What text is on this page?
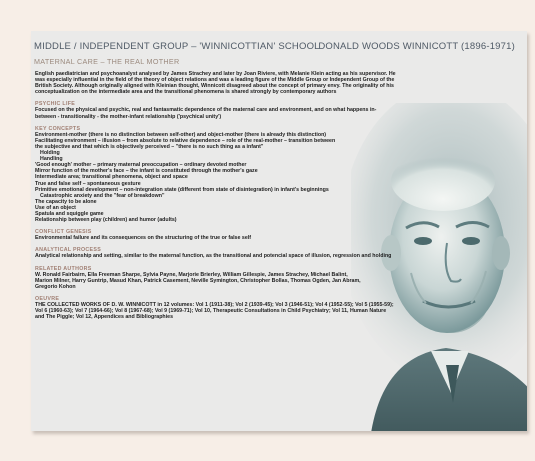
MIDDLE / INDEPENDENT GROUP – 'WINNICOTTIAN' SCHOOL
DONALD WOODS WINNICOTT (1896-1971)
MATERNAL CARE – THE REAL MOTHER
English paediatrician and psychoanalyst analysed by James Strachey and later by Joan Riviere, with Melanie Klein acting as his supervisor. He was especially influential in the field of the theory of object relations and was a leading figure of the Middle Group or Independent Group of the British Society. Although originally aligned with Kleinian thought, Winnicott disagreed about the concept of primary envy. The originality of his conceptualization on the intermediate area and the transitional phenomena is shared strongly by contemporary authors
PSYCHIC LIFE
Focused on the physical and psychic, real and fantasmatic dependence of the maternal care and environment, and on what happens in-between - transitionality - the mother-infant relationship ('psychical unity')
KEY CONCEPTS
Environment-mother (there is no distinction between self-other) and object-mother (there is already this distinction)
Facilitating environment – illusion – from absolute to relative dependence – role of the real-mother – transition between
the subjective and that which is objectively perceived – "there is no such thing as a infant"
Holding
Handling
'Good enough' mother – primary maternal preoccupation – ordinary devoted mother
Mirror function of the mother's face – the infant is constituted through the mother's gaze
Intermediate area; transitional phenomena, object and space
True and false self – spontaneous gesture
Primitive emotional development – non-integration state (different from state of disintegration) in infant's beginnings
Catastrophic anxiety and the "fear of breakdown"
The capacity to be alone
Use of an object
Spatula and squiggle game
Relationship between play (children) and humor (adults)
CONFLICT GENESIS
Environmental failure and its consequences on the structuring of the true or false self
ANALYTICAL PROCESS
Analytical relationship and setting, similar to the maternal function, as the transitional and potencial space of illusion, regression and holding
RELATED AUTHORS
W. Ronald Fairbairn, Ella Freeman Sharpe, Sylvia Payne, Marjorie Brierley, William Gillespie, James Strachey, Michael Balint, Marion Milner, Harry Guntrip, Masud Khan, Patrick Casement, Neville Symington, Christopher Bollas, Thomas Ogden, Jan Abram, Gregorio Kohon
OEUVRE
THE COLLECTED WORKS OF D. W. WINNICOTT in 12 volumes: Vol 1 (1911-38); Vol 2 (1939-45); Vol 3 (1946-51); Vol 4 (1952-55); Vol 5 (1955-59); Vol 6 (1960-63); Vol 7 (1964-66); Vol 8 (1967-68); Vol 9 (1969-71); Vol 10, Therapeutic Consultations in Child Psychiatry; Vol 11, Human Nature and The Piggle; Vol 12, Appendices and Bibliographies
